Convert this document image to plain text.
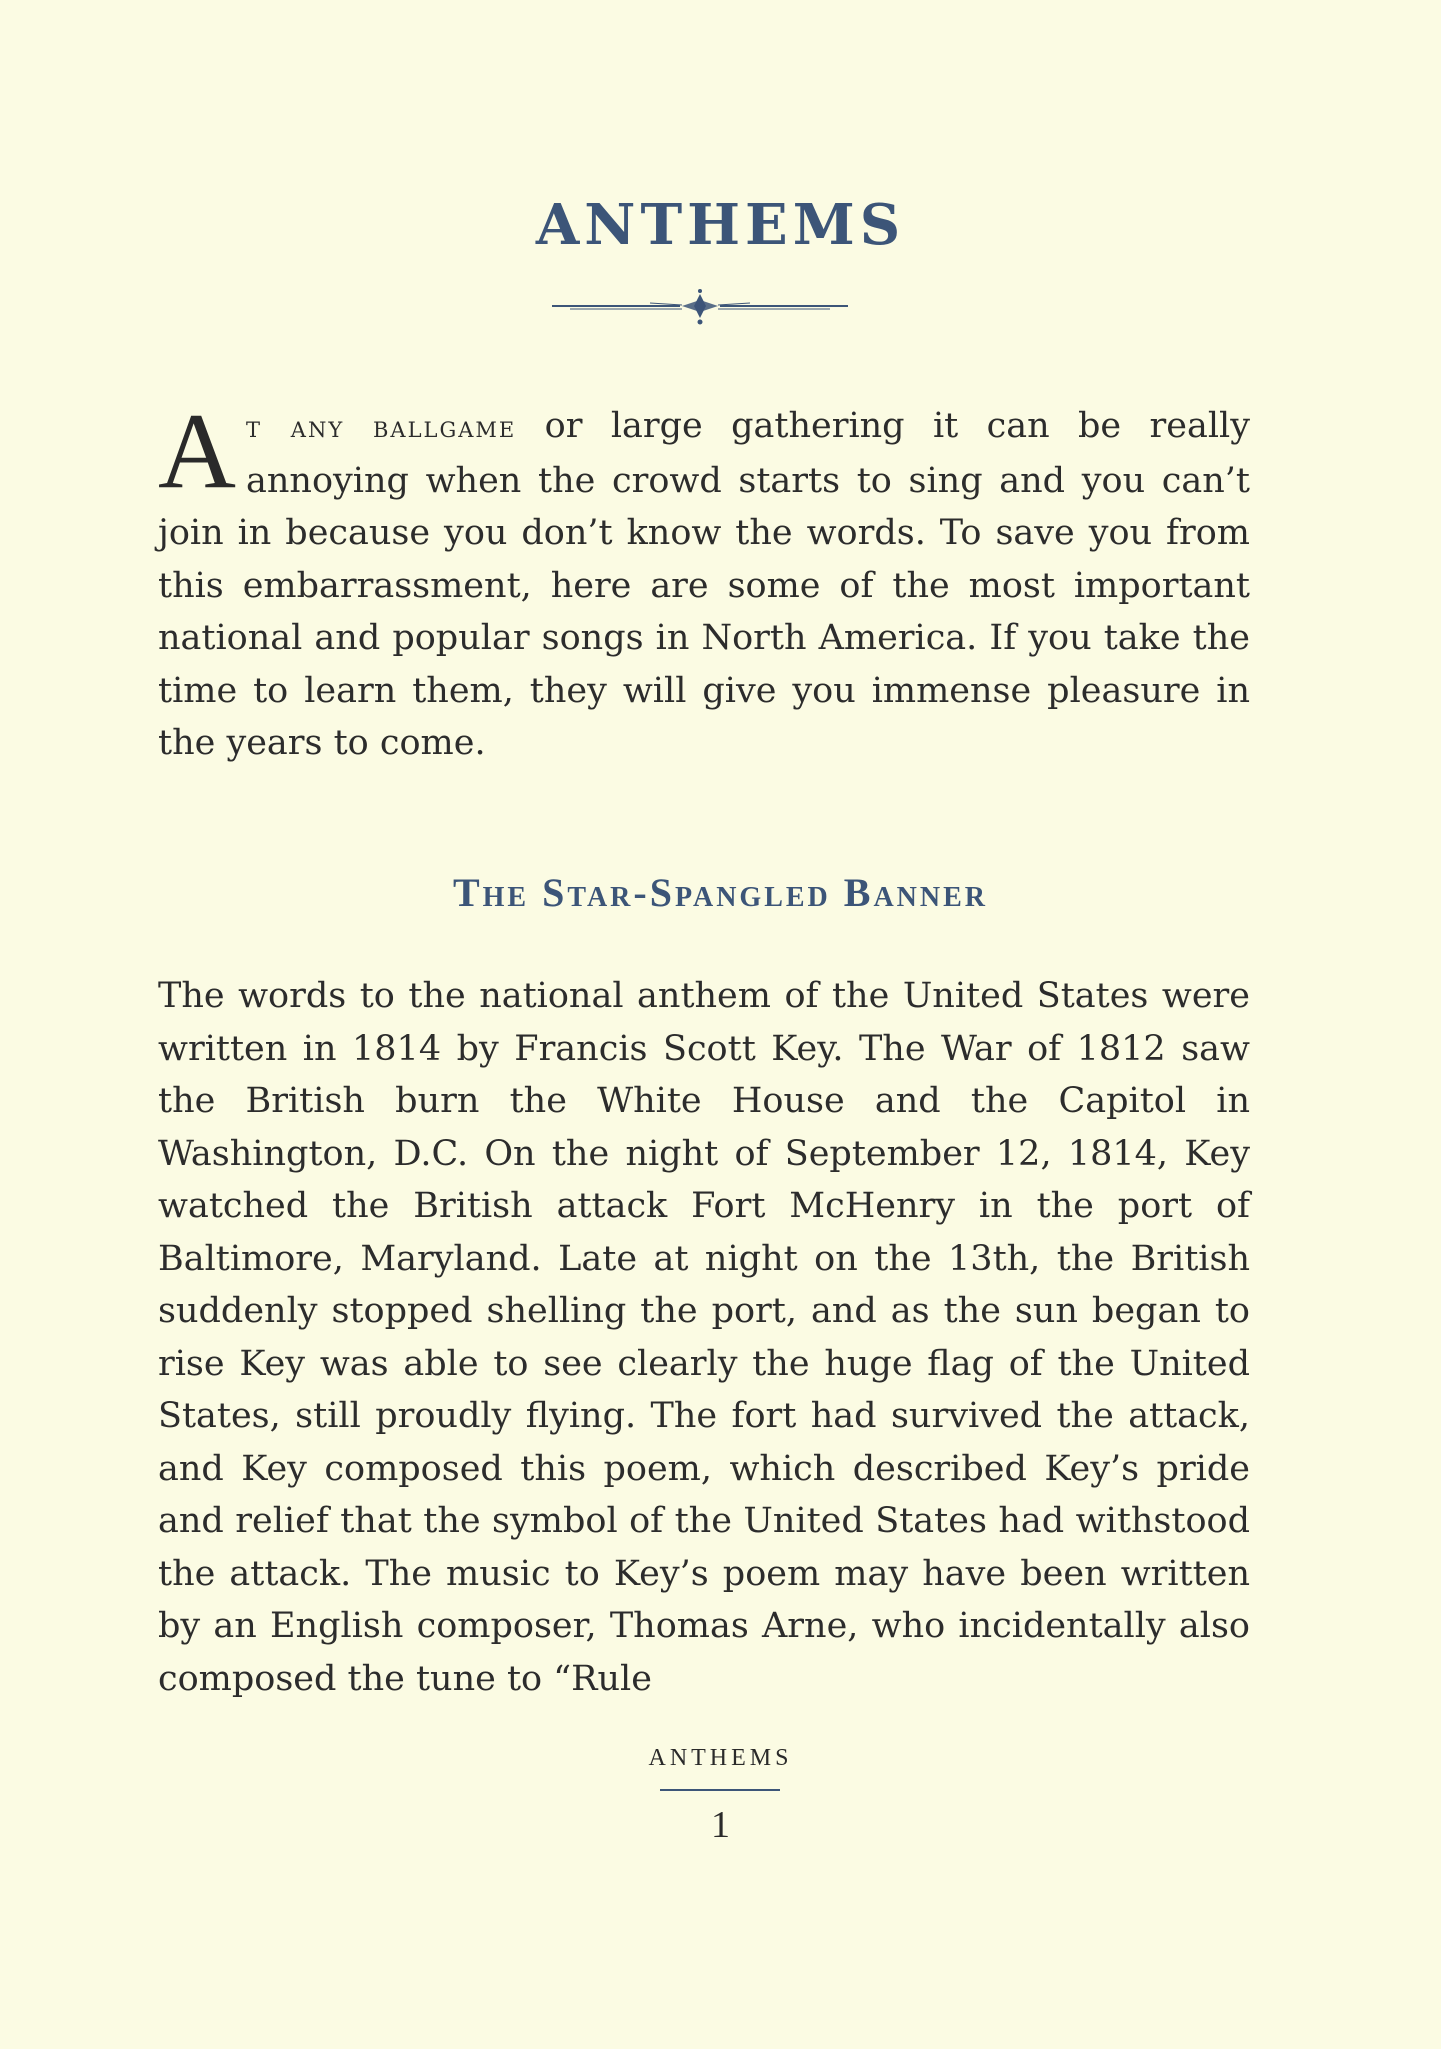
ANTHEMS

At any ballgame or large gathering it can be really annoying when the crowd starts to sing and you can’t join in because you don’t know the words. To save you from this embarrassment, here are some of the most important national and popular songs in North America. If you take the time to learn them, they will give you immense pleasure in the years to come.

The Star-Spangled Banner

The words to the national anthem of the United States were written in 1814 by Francis Scott Key. The War of 1812 saw the British burn the White House and the Capitol in Washington, D.C. On the night of September 12, 1814, Key watched the British attack Fort McHenry in the port of Baltimore, Maryland. Late at night on the 13th, the British suddenly stopped shelling the port, and as the sun began to rise Key was able to see clearly the huge flag of the United States, still proudly flying. The fort had survived the attack, and Key composed this poem, which described Key’s pride and relief that the symbol of the United States had withstood the attack. The music to Key’s poem may have been written by an English composer, Thomas Arne, who incidentally also composed the tune to “Rule

ANTHEMS
1
